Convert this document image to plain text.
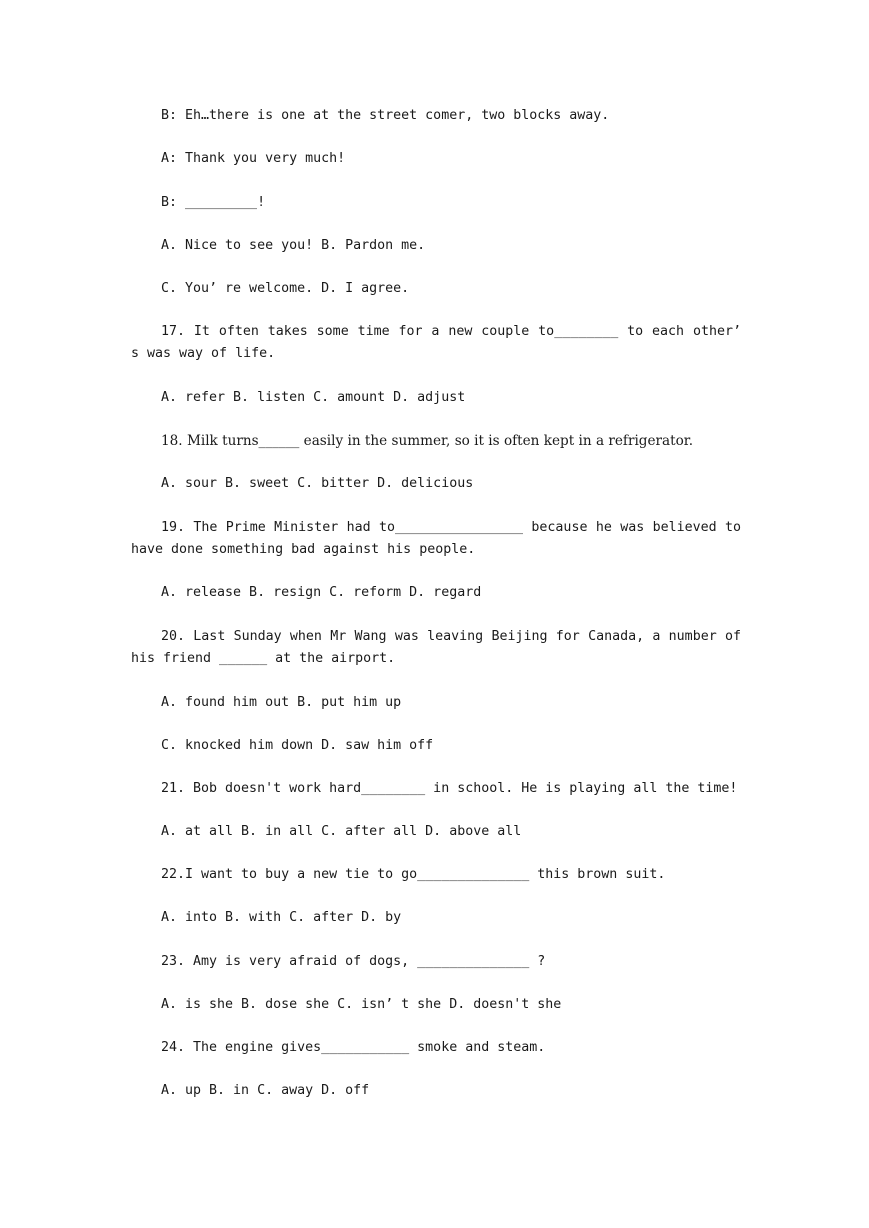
B: Eh…there is one at the street comer, two blocks away.

A: Thank you very much!

B: _________!

A. Nice to see you! B. Pardon me.

C. You’ re welcome. D. I agree.

17. It often takes some time for a new couple to________ to each other’ s was way of life.

A. refer B. listen C. amount D. adjust

18. Milk turns______ easily in the summer, so it is often kept in a refrigerator.

A. sour B. sweet C. bitter D. delicious

19. The Prime Minister had to________________ because he was believed to have done something bad against his people.

A. release B. resign C. reform D. regard

20. Last Sunday when Mr Wang was leaving Beijing for Canada, a number of his friend ______ at the airport.

A. found him out B. put him up

C. knocked him down D. saw him off

21. Bob doesn't work hard________ in school. He is playing all the time!

A. at all B. in all C. after all D. above all

22.I want to buy a new tie to go______________ this brown suit.

A. into B. with C. after D. by

23. Amy is very afraid of dogs, ______________ ?

A. is she B. dose she C. isn’ t she D. doesn't she

24. The engine gives___________ smoke and steam.

A. up B. in C. away D. off
